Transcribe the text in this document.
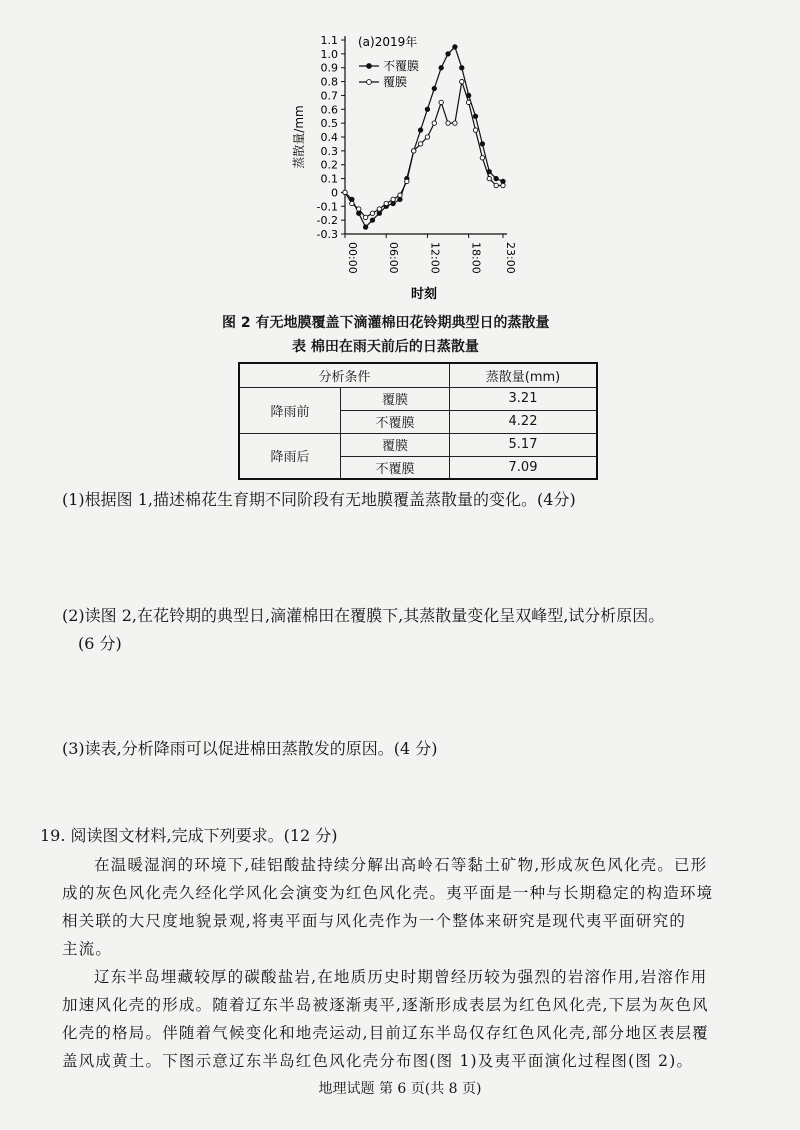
1.1
1.0
0.9
0.8
0.7
0.6
0.5
0.4
0.3
0.2
0.1
0
-0.1
-0.2
-0.3
00:00	06:00	12:00	18:00 23:00
蒸散量/mm
时刻
不覆膜
覆膜
(a)2019年
图 2 有无地膜覆盖下滴灌棉田花铃期典型日的蒸散量
表 棉田在雨天前后的日蒸散量
分析条件		蒸散量(mm)
降雨前	覆膜	3.21
	不覆膜	4.22
降雨后	覆膜	5.17
	不覆膜	7.09
(1)根据图 1,描述棉花生育期不同阶段有无地膜覆盖蒸散量的变化。(4分)
(2)读图 2,在花铃期的典型日,滴灌棉田在覆膜下,其蒸散量变化呈双峰型,试分析原因。
(6 分)
(3)读表,分析降雨可以促进棉田蒸散发的原因。(4 分)
19. 阅读图文材料,完成下列要求。(12 分)
在温暖湿润的环境下,硅铝酸盐持续分解出高岭石等黏土矿物,形成灰色风化壳。已形
成的灰色风化壳久经化学风化会演变为红色风化壳。夷平面是一种与长期稳定的构造环境
相关联的大尺度地貌景观,将夷平面与风化壳作为一个整体来研究是现代夷平面研究的
主流。
辽东半岛埋藏较厚的碳酸盐岩,在地质历史时期曾经历较为强烈的岩溶作用,岩溶作用
加速风化壳的形成。随着辽东半岛被逐渐夷平,逐渐形成表层为红色风化壳,下层为灰色风
化壳的格局。伴随着气候变化和地壳运动,目前辽东半岛仅存红色风化壳,部分地区表层覆
盖风成黄土。下图示意辽东半岛红色风化壳分布图(图 1)及夷平面演化过程图(图 2)。
地理试题 第 6 页(共 8 页)
